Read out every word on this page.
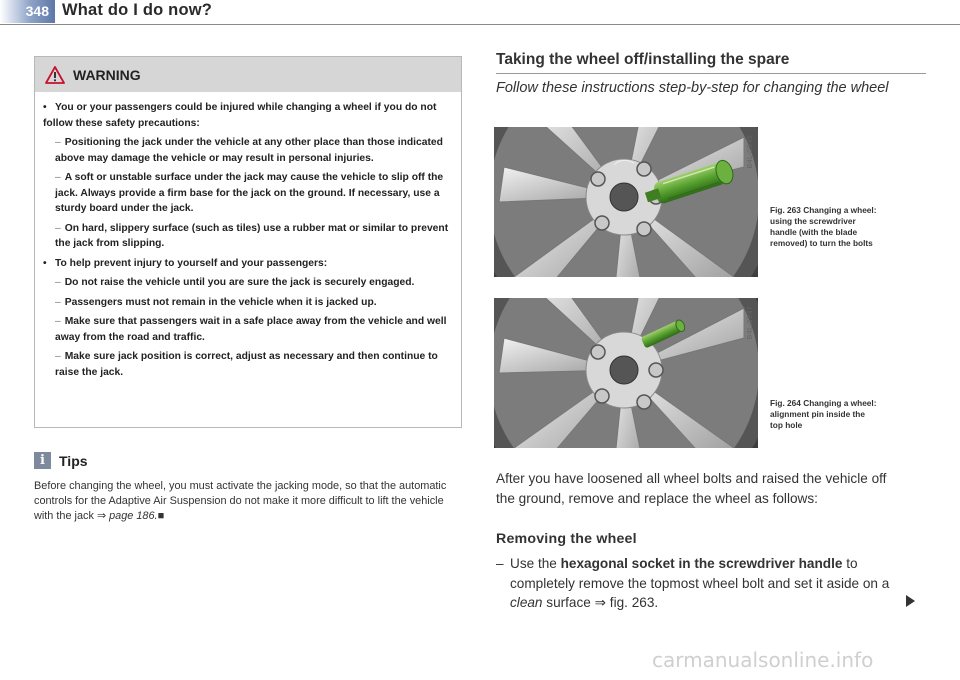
348 What do I do now?
WARNING
• You or your passengers could be injured while changing a wheel if you do not follow these safety precautions:
– Positioning the jack under the vehicle at any other place than those indicated above may damage the vehicle or may result in personal injuries.
– A soft or unstable surface under the jack may cause the vehicle to slip off the jack. Always provide a firm base for the jack on the ground. If necessary, use a sturdy board under the jack.
– On hard, slippery surface (such as tiles) use a rubber mat or similar to prevent the jack from slipping.
• To help prevent injury to yourself and your passengers:
– Do not raise the vehicle until you are sure the jack is securely engaged.
– Passengers must not remain in the vehicle when it is jacked up.
– Make sure that passengers wait in a safe place away from the vehicle and well away from the road and traffic.
– Make sure jack position is correct, adjust as necessary and then continue to raise the jack.
i	Tips
Before changing the wheel, you must activate the jacking mode, so that the automatic controls for the Adaptive Air Suspension do not make it more difficult to lift the vehicle with the jack ⇒ page 186.■
Taking the wheel off/installing the spare
Follow these instructions step-by-step for changing the wheel
B4L-0945
Fig. 263 Changing a wheel: using the screwdriver handle (with the blade removed) to turn the bolts
B4L-0947
Fig. 264 Changing a wheel: alignment pin inside the top hole
After you have loosened all wheel bolts and raised the vehicle off the ground, remove and replace the wheel as follows:
Removing the wheel
– Use the hexagonal socket in the screwdriver handle to completely remove the topmost wheel bolt and set it aside on a clean surface ⇒ fig. 263.
carmanualsonline.info
